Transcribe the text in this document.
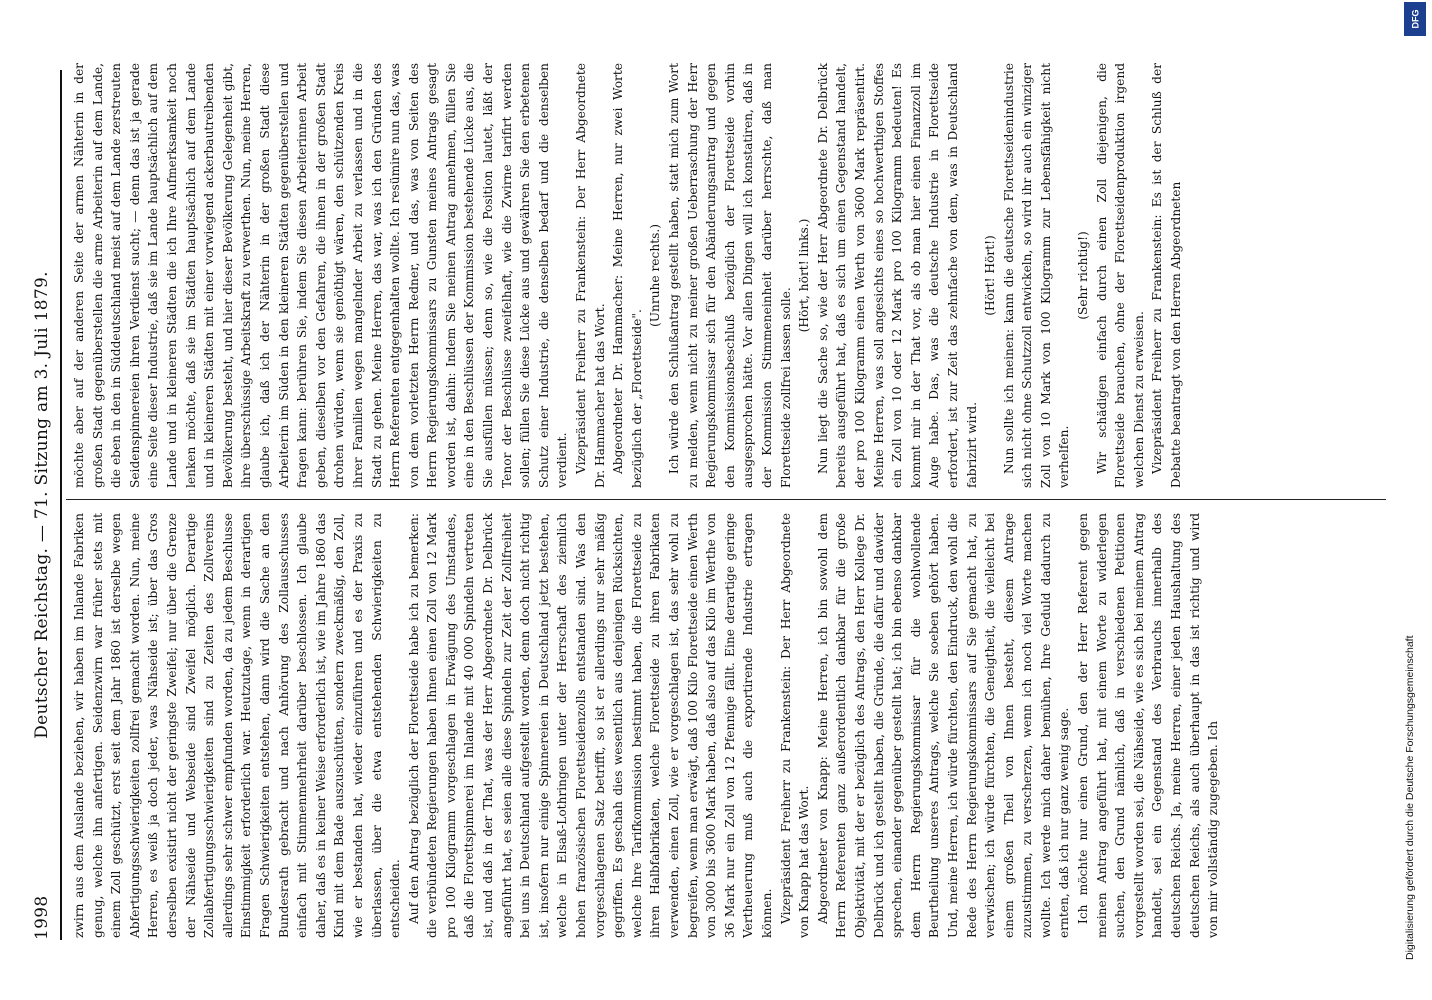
1998
Deutscher Reichstag. — 71. Sitzung am 3. Juli 1879. zwirn aus dem Auslande beziehen, wir haben im Inlande Fabriken genug, welche ihn anfertigen. Seidenzwirn war früher stets mit einem Zoll geschützt, erst seit dem Jahr 1860 ist derselbe wegen Abfertigungsschwierigkeiten zollfrei gemacht worden. Nun, meine Herren, es weiß ja doch jeder, was Nähseide ist; über das Gros derselben existirt nicht der geringste Zweifel; nur über die Grenze der Nähseide und Webseide sind Zweifel möglich. Derartige Zollabfertigungsschwierigkeiten sind zu Zeiten des Zollvereins allerdings sehr schwer empfunden worden, da zu jedem Beschlusse Einstimmigkeit erforderlich war. Heutzutage, wenn in derartigen Fragen Schwierigkeiten entstehen, dann wird die Sache an den Bundesrath gebracht und nach Anhörung des Zollausschusses einfach mit Stimmenmehrheit darüber beschlossen. Ich glaube daher, daß es in keiner Weise erforderlich ist, wie im Jahre 1860 das Kind mit dem Bade auszuschütten, sondern zweckmäßig, den Zoll, wie er bestanden hat, wieder einzuführen und es der Praxis zu überlassen, über die etwa entstehenden Schwierigkeiten zu entscheiden. Auf den Antrag bezüglich der Florettseide habe ich zu bemerken: die verbündeten Regierungen haben Ihnen einen Zoll von 12 Mark pro 100 Kilogramm vorgeschlagen in Erwägung des Umstandes, daß die Florettspinnerei im Inlande mit 40 000 Spindeln vertreten ist, und daß in der That, was der Herr Abgeordnete Dr. Delbrück angeführt hat, es seien alle diese Spindeln zur Zeit der Zollfreiheit bei uns in Deutschland aufgestellt worden, denn doch nicht richtig ist, insofern nur einige Spinnereien in Deutschland jetzt bestehen, welche in Elsaß-Lothringen unter der Herrschaft des ziemlich hohen französischen Florettseidenzolls entstanden sind. Was den vorgeschlagenen Satz betrifft, so ist er allerdings nur sehr mäßig gegriffen. Es geschah dies wesentlich aus denjenigen Rücksichten, welche Ihre Tarifkommission bestimmt haben, die Florettseide zu ihren Halbfabrikaten, welche Florettseide zu ihren Fabrikaten verwenden, einen Zoll, wie er vorgeschlagen ist, das sehr wohl zu begreifen, wenn man erwägt, daß 100 Kilo Florettseide einen Werth von 3000 bis 3600 Mark haben, daß also auf das Kilo im Werthe von 36 Mark nur ein Zoll von 12 Pfennige fällt. Eine derartige geringe Vertheuerung muß auch die exportirende Industrie ertragen können. Vizepräsident Freiherr zu Frankenstein: Der Herr Abgeordnete von Knapp hat das Wort. Abgeordneter von Knapp: Meine Herren, ich bin sowohl dem Herrn Referenten ganz außerordentlich dankbar für die große Objektivität, mit der er bezüglich des Antrags, den Herr Kollege Dr. Delbrück und ich gestellt haben, die Gründe, die dafür und dawider sprechen, einander gegenüber gestellt hat; ich bin ebenso dankbar dem Herrn Regierungskommissar für die wohlwollende Beurtheilung unseres Antrags, welche Sie soeben gehört haben. Und, meine Herren, ich würde fürchten, den Eindruck, den wohl die Rede des Herrn Regierungskommissars auf Sie gemacht hat, zu verwischen; ich würde fürchten, die Geneigtheit, die vielleicht bei einem großen Theil von Ihnen besteht, diesem Antrage zuzustimmen, zu verscherzen, wenn ich noch viel Worte machen wollte. Ich werde mich daher bemühen, Ihre Geduld dadurch zu ernten, daß ich nur ganz wenig sage. Ich möchte nur einen Grund, den der Herr Referent gegen meinen Antrag angeführt hat, mit einem Worte zu widerlegen suchen, den Grund nämlich, daß in verschiedenen Petitionen vorgestellt worden sei, die Nähseide, wie es sich bei meinem Antrag handelt, sei ein Gegenstand des Verbrauchs innerhalb des deutschen Reichs. Ja, meine Herren, einer jeden Haushaltung des deutschen Reichs, als auch überhaupt in das ist richtig und wird von mir vollständig zugegeben. Ich

möchte aber auf der anderen Seite der armen Nähterin in der großen Stadt gegenüberstellen die arme Arbeiterin auf dem Lande, die eben in den in Süddeutschland meist auf dem Lande zerstreuten Seidenspinnereien ihren Verdienst sucht; — denn das ist ja gerade eine Seite dieser Industrie, daß sie im Lande hauptsächlich auf dem Lande und in kleineren Städten die ich Ihre Aufmerksamkeit noch lenken möchte, daß sie im Städten hauptsächlich auf dem Lande und in kleineren Städten mit einer vorwiegend ackerbautreibenden Bevölkerung besteht, und hier dieser Bevölkerung Gelegenheit gibt, ihre überschüssige Arbeitskraft zu verwerthen. Nun, meine Herren, glaube ich, daß ich der Nähterin in der großen Stadt diese Arbeiterin im Süden in den kleineren Städten gegenüberstellen und fragen kann: berühren Sie, indem Sie diesen Arbeiterinnen Arbeit geben, dieselben vor den Gefahren, die ihnen in der großen Stadt drohen würden, wenn sie genöthigt wären, den schützenden Kreis ihrer Familien wegen mangelnder Arbeit zu verlassen und in die Stadt zu gehen. Meine Herren, das war, was ich den Gründen des Herrn Referenten entgegenhalten wollte. Ich resümire nun das, was von dem vorletzten Herrn Redner, und das, was von Seiten des Herrn Regierungskommissars zu Gunsten meines Antrags gesagt worden ist, dahin: Indem Sie meinen Antrag annehmen, füllen Sie eine in den Beschlüssen der Kommission bestehende Lücke aus, die Sie ausfüllen müssen; denn so, wie die Position lautet, läßt der Tenor der Beschlüsse zweifelhaft, wie die Zwirne tarifirt werden sollen; füllen Sie diese Lücke aus und gewähren Sie den erbetenen Schutz einer Industrie, die denselben bedarf und die denselben verdient. Vizepräsident Freiherr zu Frankenstein: Der Herr Abgeordnete Dr. Hammacher hat das Wort. Abgeordneter Dr. Hammacher: Meine Herren, nur zwei Worte bezüglich der „Florettseide".

(Unruhe rechts.) Ich würde den Schlußantrag gestellt haben, statt mich zum Wort zu melden, wenn nicht zu meiner großen Ueberraschung der Herr Regierungskommissar sich für den Abänderungsantrag und gegen den Kommissionsbeschluß bezüglich der Florettseide vorhin ausgesprochen hätte. Vor allen Dingen will ich konstatiren, daß in der Kommission Stimmeneinheit darüber herrschte, daß man Florettseide zollfrei lassen solle.

(Hört, hört! links.) Nun liegt die Sache so, wie der Herr Abgeordnete Dr. Delbrück bereits ausgeführt hat, daß es sich um einen Gegenstand handelt, der pro 100 Kilogramm einen Werth von 3600 Mark repräsentirt. Meine Herren, was soll angesichts eines so hochwerthigen Stoffes ein Zoll von 10 oder 12 Mark pro 100 Kilogramm bedeuten! Es kommt mir in der That vor, als ob man hier einen Finanzzoll im Auge habe. Das, was die deutsche Industrie in Florettseide erfordert, ist zur Zeit das zehnfache von dem, was in Deutschland fabrizirt wird.

(Hört! Hört!) Nun sollte ich meinen: kann die deutsche Florettseidenindustrie sich nicht ohne Schutzzoll entwickeln, so wird ihr auch ein winziger Zoll von 10 Mark von 100 Kilogramm zur Lebensfähigkeit nicht verhelfen.

(Sehr richtig!) Wir schädigen einfach durch einen Zoll diejenigen, die Florettseide brauchen, ohne der Florettseidenproduktion irgend welchen Dienst zu erweisen. Vizepräsident Freiherr zu Frankenstein: Es ist der Schluß der Debatte beantragt von den Herren Abgeordneten

Digitalisierung gefördert durch die Deutsche Forschungsgemeinschaft
DFG
